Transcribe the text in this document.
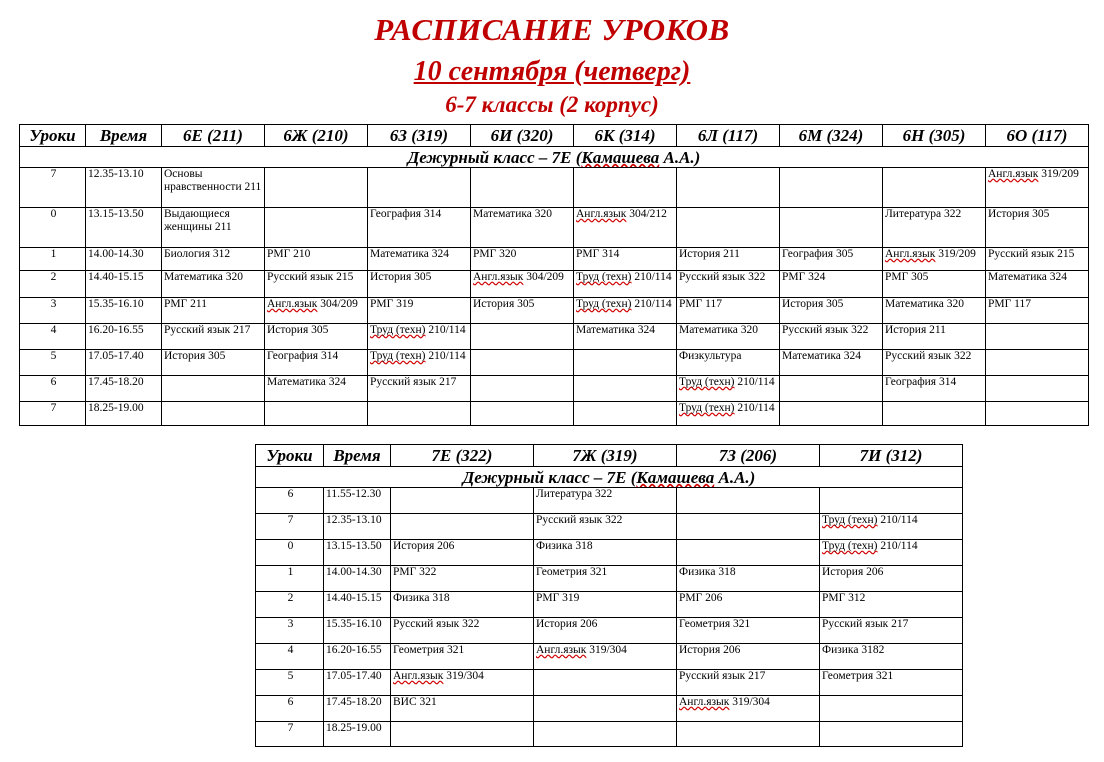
РАСПИСАНИЕ УРОКОВ
10 сентября (четверг)
6-7 классы (2 корпус)
Уроки	Время	6Е (211)	6Ж (210)	6З (319)	6И (320)	6К (314)	6Л (117)	6М (324)	6Н (305)	6О (117)
Дежурный класс – 7Е (Камашева А.А.)										
7	12.35-13.10	Основы нравственности 211								Англ.язык 319/209
0	13.15-13.50	Выдающиеся женщины 211		География 314	Математика 320	Англ.язык 304/212			Литература 322	История 305
1	14.00-14.30	Биология 312	РМГ 210	Математика 324	РМГ 320	РМГ 314	История 211	География 305	Англ.язык 319/209	Русский язык 215
2	14.40-15.15	Математика 320	Русский язык 215	История 305	Англ.язык 304/209	Труд (техн) 210/114	Русский язык 322	РМГ 324	РМГ 305	Математика 324
3	15.35-16.10	РМГ 211	Англ.язык 304/209	РМГ 319	История 305	Труд (техн) 210/114	РМГ 117	История 305	Математика 320	РМГ 117
4	16.20-16.55	Русский язык 217	История 305	Труд (техн) 210/114		Математика 324	Математика 320	Русский язык 322	История 211	
5	17.05-17.40	История 305	География 314	Труд (техн) 210/114			Физкультура	Математика 324	Русский язык 322	
6	17.45-18.20		Математика 324	Русский язык 217			Труд (техн) 210/114		География 314	
7	18.25-19.00						Труд (техн) 210/114			
Уроки	Время	7Е (322)	7Ж (319)	7З (206)	7И (312)
Дежурный класс – 7Е (Камашева А.А.)					
6	11.55-12.30		Литература 322		
7	12.35-13.10		Русский язык 322		Труд (техн) 210/114
0	13.15-13.50	История 206	Физика 318		Труд (техн) 210/114
1	14.00-14.30	РМГ 322	Геометрия 321	Физика 318	История 206
2	14.40-15.15	Физика 318	РМГ 319	РМГ 206	РМГ 312
3	15.35-16.10	Русский язык 322	История 206	Геометрия 321	Русский язык 217
4	16.20-16.55	Геометрия 321	Англ.язык 319/304	История 206	Физика 3182
5	17.05-17.40	Англ.язык 319/304		Русский язык 217	Геометрия 321
6	17.45-18.20	ВИС 321		Англ.язык 319/304	
7	18.25-19.00				
